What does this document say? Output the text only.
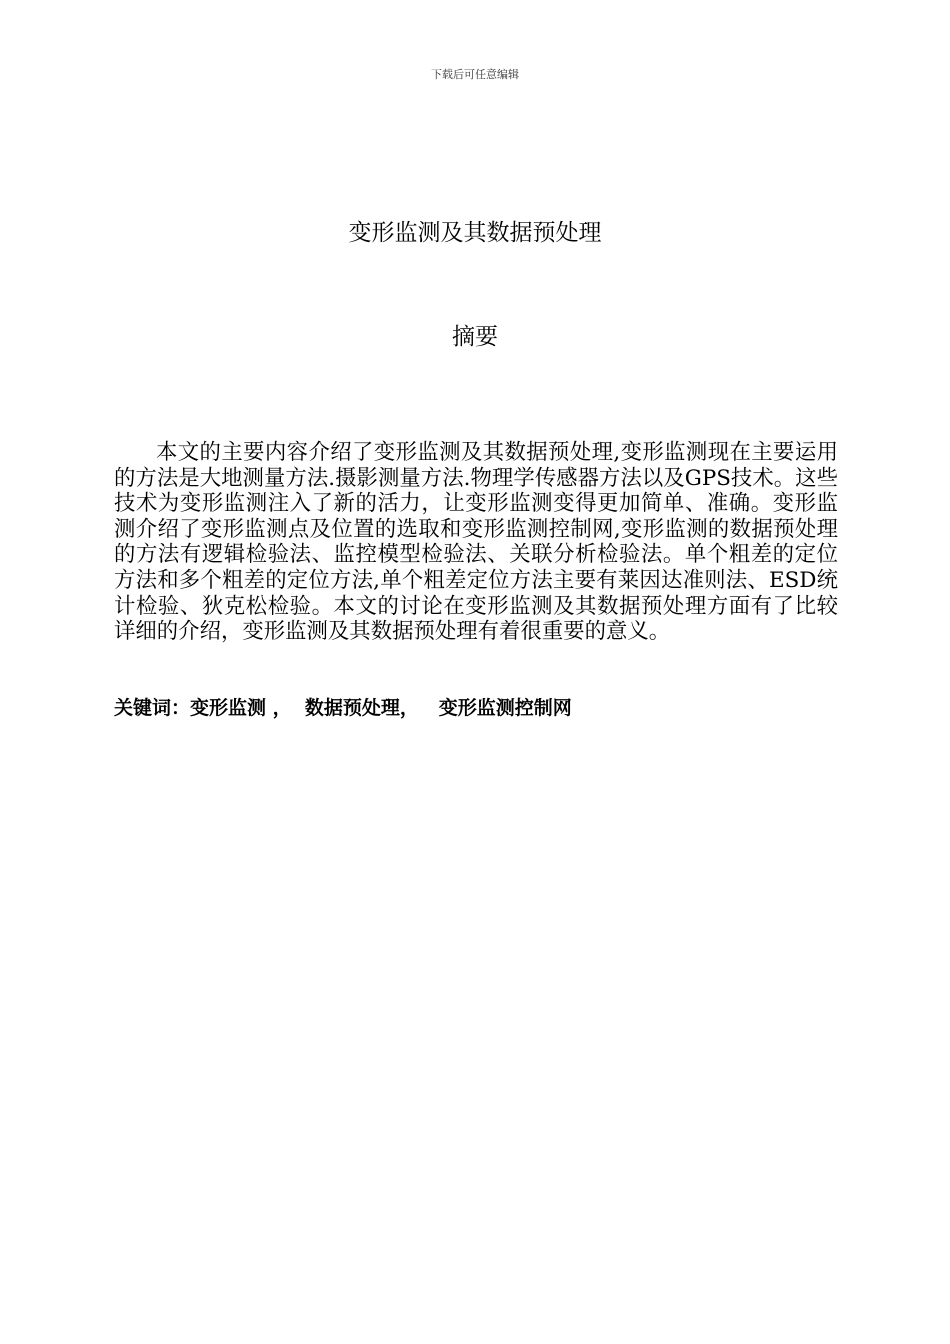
下载后可任意编辑
变形监测及其数据预处理
摘要

本文的主要内容介绍了变形监测及其数据预处理,变形监测现在主要运用的方法是大地测量方法.摄影测量方法.物理学传感器方法以及GPS技术。这些技术为变形监测注入了新的活力，让变形监测变得更加简单、准确。变形监测介绍了变形监测点及位置的选取和变形监测控制网,变形监测的数据预处理的方法有逻辑检验法、监控模型检验法、关联分析检验法。单个粗差的定位方法和多个粗差的定位方法,单个粗差定位方法主要有莱因达准则法、ESD统计检验、狄克松检验。本文的讨论在变形监测及其数据预处理方面有了比较详细的介绍，变形监测及其数据预处理有着很重要的意义。

关键词：变形监测 ，  数据预处理，   变形监测控制网
